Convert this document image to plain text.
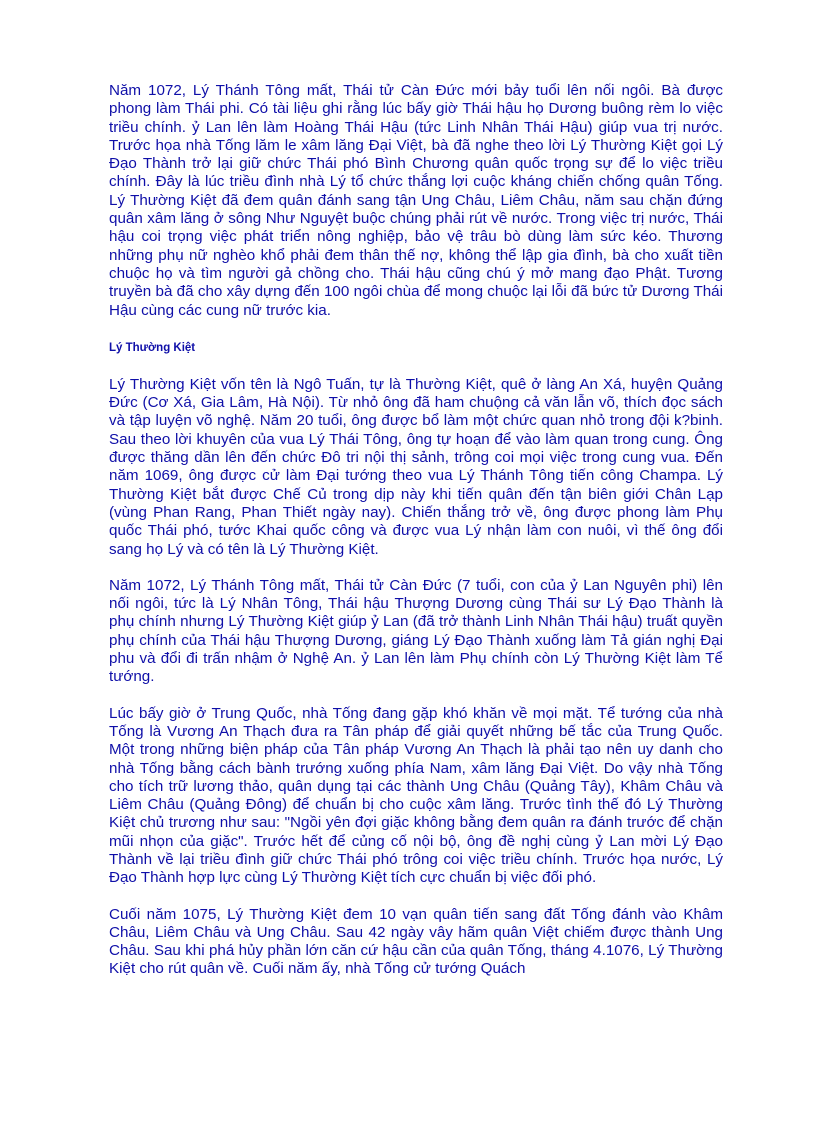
Năm 1072, Lý Thánh Tông mất, Thái tử Càn Đức mới bảy tuổi lên nối ngôi. Bà được phong làm Thái phi. Có tài liệu ghi rằng lúc bấy giờ Thái hậu họ Dương buông rèm lo việc triều chính. ỷ Lan lên làm Hoàng Thái Hậu (tức Linh Nhân Thái Hậu) giúp vua trị nước. Trước họa nhà Tống lăm le xâm lăng Đại Việt, bà đã nghe theo lời Lý Thường Kiệt gọi Lý Đạo Thành trở lại giữ chức Thái phó Bình Chương quân quốc trọng sự để lo việc triều chính. Đây là lúc triều đình nhà Lý tổ chức thắng lợi cuộc kháng chiến chống quân Tống. Lý Thường Kiệt đã đem quân đánh sang tận Ung Châu, Liêm Châu, năm sau chặn đứng quân xâm lăng ở sông Như Nguyệt buộc chúng phải rút về nước. Trong việc trị nước, Thái hậu coi trọng việc phát triển nông nghiệp, bảo vệ trâu bò dùng làm sức kéo. Thương những phụ nữ nghèo khổ phải đem thân thế nợ, không thể lập gia đình, bà cho xuất tiền chuộc họ và tìm người gả chồng cho. Thái hậu cũng chú ý mở mang đạo Phật. Tương truyền bà đã cho xây dựng đến 100 ngôi chùa để mong chuộc lại lỗi đã bức tử Dương Thái Hậu cùng các cung nữ trước kia.

Lý Thường Kiệt

Lý Thường Kiệt vốn tên là Ngô Tuấn, tự là Thường Kiệt, quê ở làng An Xá, huyện Quảng Đức (Cơ Xá, Gia Lâm, Hà Nội). Từ nhỏ ông đã ham chuộng cả văn lẫn võ, thích đọc sách và tập luyện võ nghệ. Năm 20 tuổi, ông được bổ làm một chức quan nhỏ trong đội k?binh. Sau theo lời khuyên của vua Lý Thái Tông, ông tự hoạn để vào làm quan trong cung. Ông được thăng dần lên đến chức Đô tri nội thị sảnh, trông coi mọi việc trong cung vua. Đến năm 1069, ông được cử làm Đại tướng theo vua Lý Thánh Tông tiến công Champa. Lý Thường Kiệt bắt được Chế Củ trong dịp này khi tiến quân đến tận biên giới Chân Lạp (vùng Phan Rang, Phan Thiết ngày nay). Chiến thắng trở về, ông được phong làm Phụ quốc Thái phó, tước Khai quốc công và được vua Lý nhận làm con nuôi, vì thế ông đổi sang họ Lý và có tên là Lý Thường Kiệt.

Năm 1072, Lý Thánh Tông mất, Thái tử Càn Đức (7 tuổi, con của ỷ Lan Nguyên phi) lên nối ngôi, tức là Lý Nhân Tông, Thái hậu Thượng Dương cùng Thái sư Lý Đạo Thành là phụ chính nhưng Lý Thường Kiệt giúp ỷ Lan (đã trở thành Linh Nhân Thái hậu) truất quyền phụ chính của Thái hậu Thượng Dương, giáng Lý Đạo Thành xuống làm Tả gián nghị Đại phu và đổi đi trấn nhậm ở Nghệ An. ỷ Lan lên làm Phụ chính còn Lý Thường Kiệt làm Tể tướng.

Lúc bấy giờ ở Trung Quốc, nhà Tống đang gặp khó khăn về mọi mặt. Tể tướng của nhà Tống là Vương An Thạch đưa ra Tân pháp để giải quyết những bế tắc của Trung Quốc. Một trong những biện pháp của Tân pháp Vương An Thạch là phải tạo nên uy danh cho nhà Tống bằng cách bành trướng xuống phía Nam, xâm lăng Đại Việt. Do vậy nhà Tống cho tích trữ lương thảo, quân dụng tại các thành Ung Châu (Quảng Tây), Khâm Châu và Liêm Châu (Quảng Đông) để chuẩn bị cho cuộc xâm lăng. Trước tình thế đó Lý Thường Kiệt chủ trương như sau: "Ngồi yên đợi giặc không bằng đem quân ra đánh trước để chặn mũi nhọn của giặc". Trước hết để củng cố nội bộ, ông đề nghị cùng ỷ Lan mời Lý Đạo Thành về lại triều đình giữ chức Thái phó trông coi việc triều chính. Trước họa nước, Lý Đạo Thành hợp lực cùng Lý Thường Kiệt tích cực chuẩn bị việc đối phó.

Cuối năm 1075, Lý Thường Kiệt đem 10 vạn quân tiến sang đất Tống đánh vào Khâm Châu, Liêm Châu và Ung Châu. Sau 42 ngày vây hãm quân Việt chiếm được thành Ung Châu. Sau khi phá hủy phần lớn căn cứ hậu cần của quân Tống, tháng 4.1076, Lý Thường Kiệt cho rút quân về. Cuối năm ấy, nhà Tống cử tướng Quách
